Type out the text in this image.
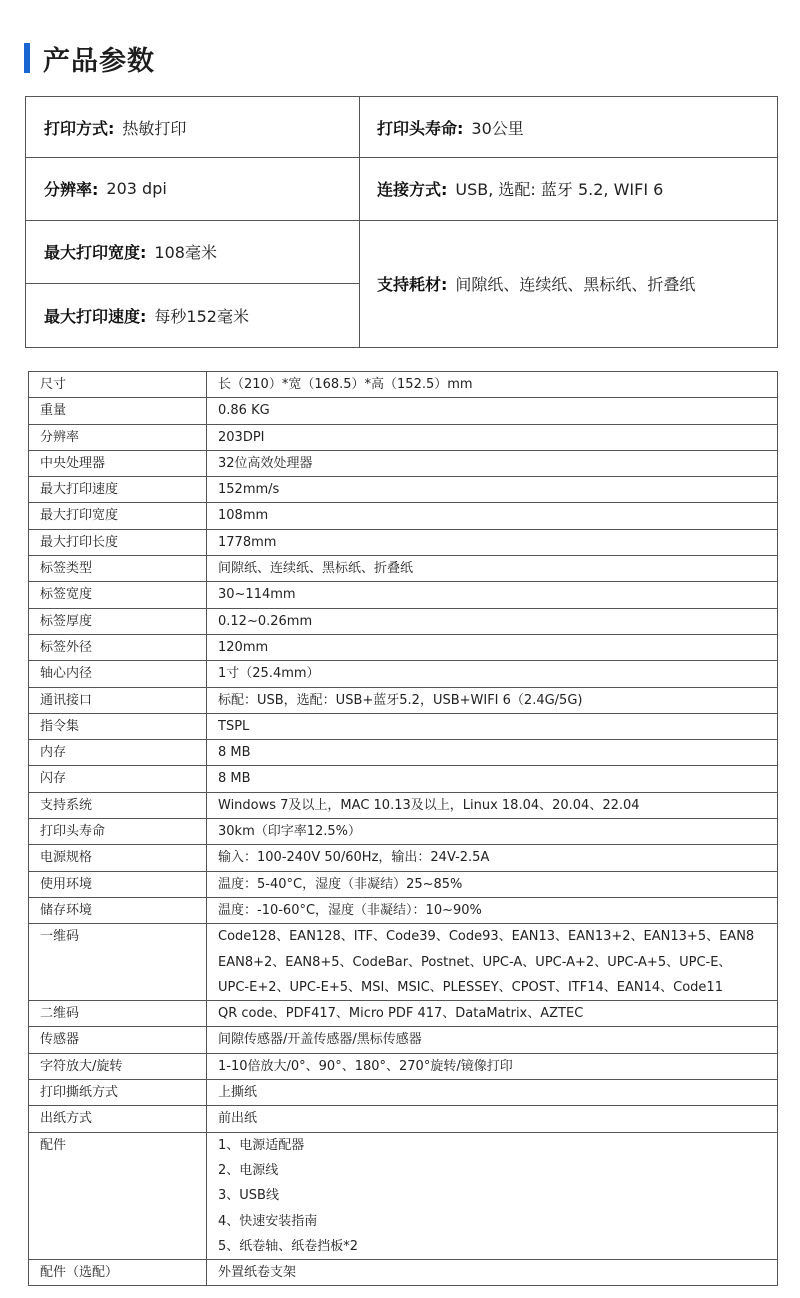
产品参数
打印方式: 热敏打印	打印头寿命: 30公里
分辨率: 203 dpi	连接方式: USB, 选配: 蓝牙 5.2, WIFI 6
最大打印宽度: 108毫米
支持耗材: 间隙纸、连续纸、黑标纸、折叠纸
最大打印速度: 每秒152毫米
尺寸	长（210）*宽（168.5）*高（152.5）mm

重量	0.86 KG

分辨率	203DPI

中央处理器	32位高效处理器

最大打印速度	152mm/s

最大打印宽度	108mm

最大打印长度	1778mm

标签类型	间隙纸、连续纸、黑标纸、折叠纸

标签宽度	30~114mm

标签厚度	0.12~0.26mm

标签外径	120mm

轴心内径	1寸（25.4mm）

通讯接口	标配：USB，选配：USB+蓝牙5.2，USB+WIFI 6（2.4G/5G)

指令集	TSPL

内存	8 MB

闪存	8 MB

支持系统	Windows 7及以上，MAC 10.13及以上，Linux 18.04、20.04、22.04

打印头寿命	30km（印字率12.5%）

电源规格	输入：100-240V 50/60Hz，输出：24V-2.5A

使用环境	温度：5-40°C，湿度（非凝结）25~85%

储存环境	温度：-10-60°C，湿度（非凝结）：10~90%

一维码	Code128、EAN128、ITF、Code39、Code93、EAN13、EAN13+2、EAN13+5、EAN8
EAN8+2、EAN8+5、CodeBar、Postnet、UPC-A、UPC-A+2、UPC-A+5、UPC-E、
UPC-E+2、UPC-E+5、MSI、MSIC、PLESSEY、CPOST、ITF14、EAN14、Code11

二维码	QR code、PDF417、Micro PDF 417、DataMatrix、AZTEC

传感器	间隙传感器/开盖传感器/黑标传感器

字符放大/旋转	1-10倍放大/0°、90°、180°、270°旋转/镜像打印

打印撕纸方式	上撕纸

出纸方式	前出纸

配件	1、电源适配器
2、电源线
3、USB线
4、快速安装指南
5、纸卷轴、纸卷挡板*2

配件（选配）	外置纸卷支架
